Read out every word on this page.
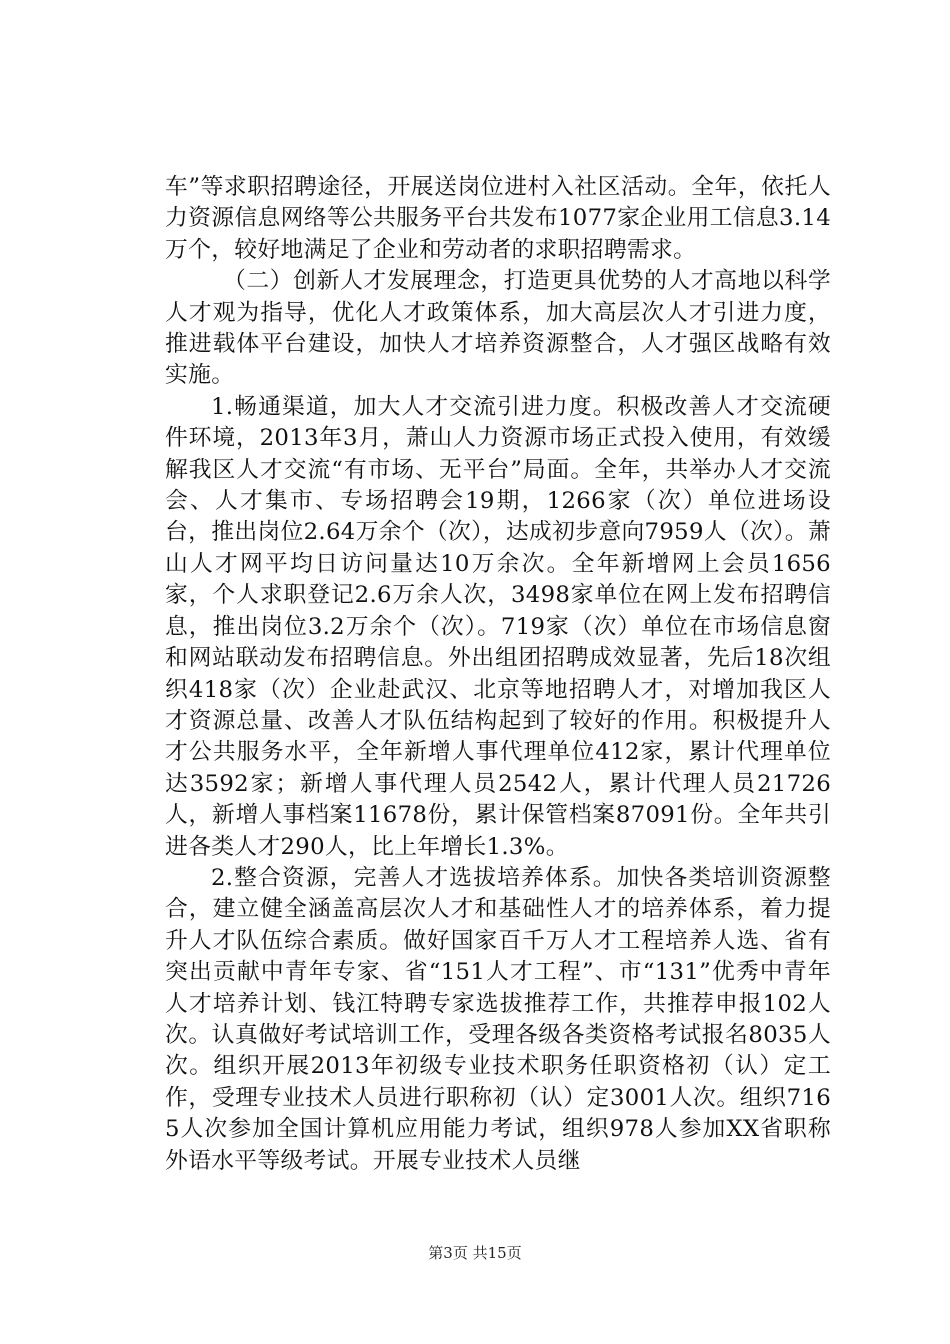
车”等求职招聘途径，开展送岗位进村入社区活动。全年，依托人力资源信息网络等公共服务平台共发布1077家企业用工信息3.14万个，较好地满足了企业和劳动者的求职招聘需求。

（二）创新人才发展理念，打造更具优势的人才高地以科学人才观为指导，优化人才政策体系，加大高层次人才引进力度，推进载体平台建设，加快人才培养资源整合，人才强区战略有效实施。

1.畅通渠道，加大人才交流引进力度。积极改善人才交流硬件环境，2013年3月，萧山人力资源市场正式投入使用，有效缓解我区人才交流“有市场、无平台”局面。全年，共举办人才交流会、人才集市、专场招聘会19期，1266家（次）单位进场设台，推出岗位2.64万余个（次），达成初步意向7959人（次）。萧山人才网平均日访问量达10万余次。全年新增网上会员1656家，个人求职登记2.6万余人次，3498家单位在网上发布招聘信息，推出岗位3.2万余个（次）。719家（次）单位在市场信息窗和网站联动发布招聘信息。外出组团招聘成效显著，先后18次组织418家（次）企业赴武汉、北京等地招聘人才，对增加我区人才资源总量、改善人才队伍结构起到了较好的作用。积极提升人才公共服务水平，全年新增人事代理单位412家，累计代理单位达3592家；新增人事代理人员2542人，累计代理人员21726人，新增人事档案11678份，累计保管档案87091份。全年共引进各类人才290人，比上年增长1.3%。

2.整合资源，完善人才选拔培养体系。加快各类培训资源整合，建立健全涵盖高层次人才和基础性人才的培养体系，着力提升人才队伍综合素质。做好国家百千万人才工程培养人选、省有突出贡献中青年专家、省“151人才工程”、市“131”优秀中青年人才培养计划、钱江特聘专家选拔推荐工作，共推荐申报102人次。认真做好考试培训工作，受理各级各类资格考试报名8035人次。组织开展2013年初级专业技术职务任职资格初（认）定工作，受理专业技术人员进行职称初（认）定3001人次。组织7165人次参加全国计算机应用能力考试，组织978人参加XX省职称外语水平等级考试。开展专业技术人员继

第3页 共15页
